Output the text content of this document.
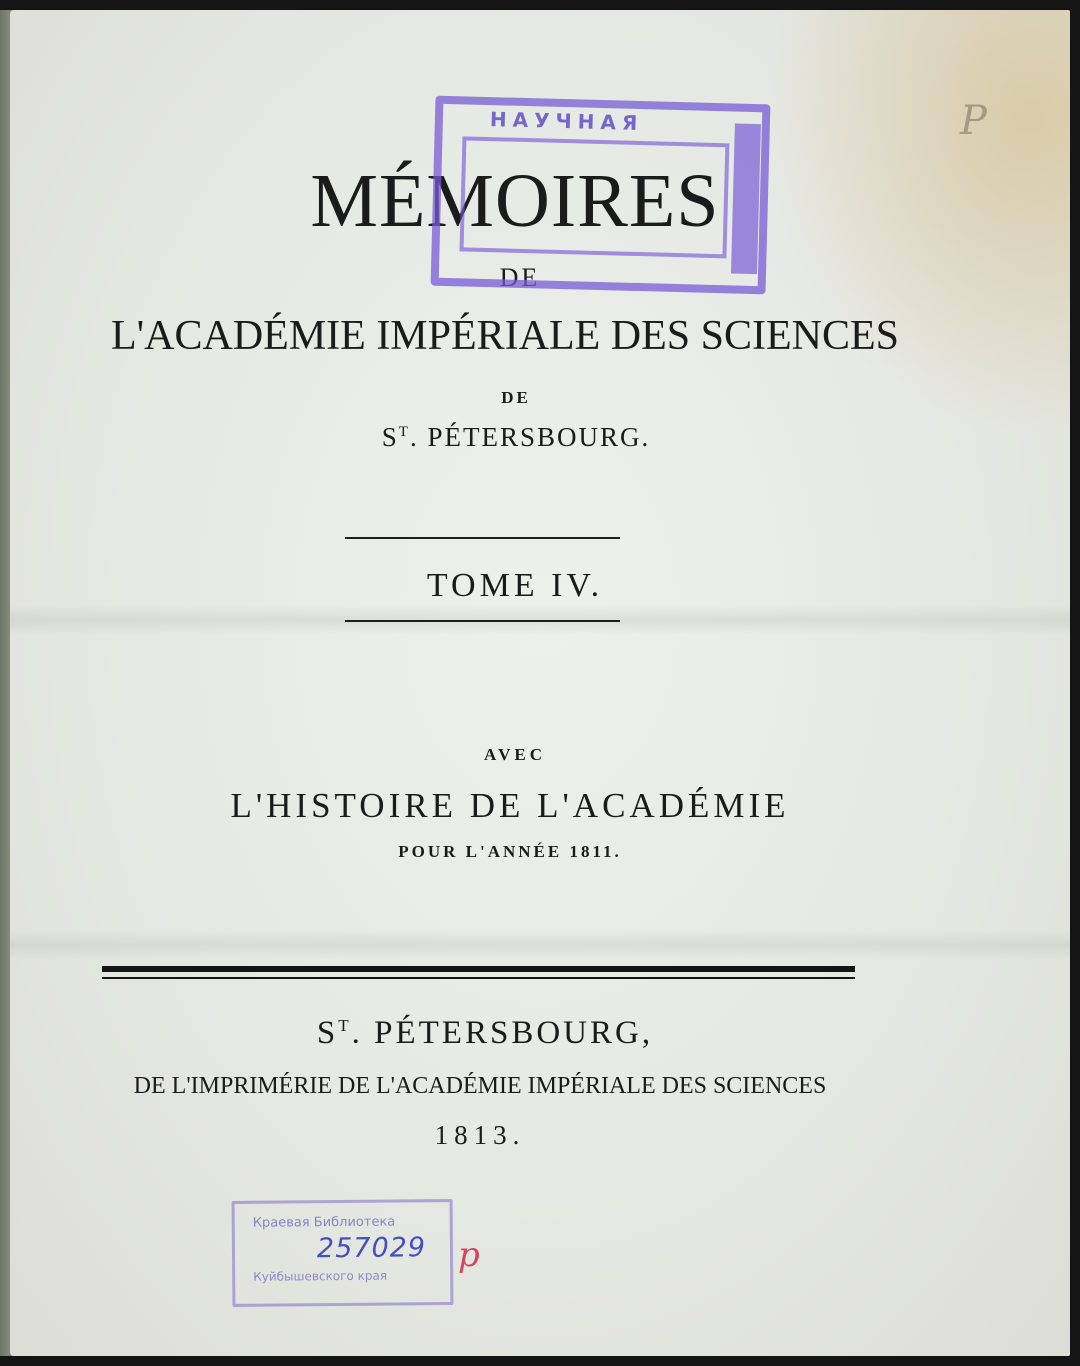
MÉMOIRES
DE
L'ACADÉMIE IMPÉRIALE DES SCIENCES
DE
$S^T$. PÉTERSBOURG.
TOME IV.
AVEC
L'HISTOIRE DE L'ACADÉMIE
POUR L'ANNÉE 1811.
$S^T$. PÉTERSBOURG,
DE L'IMPRIMÉRIE DE L'ACADÉMIE IMPÉRIALE DES SCIENCES
1813.
НАУЧНАЯ
Краевая Библиотека
257029
Куйбышевского края
р
P
